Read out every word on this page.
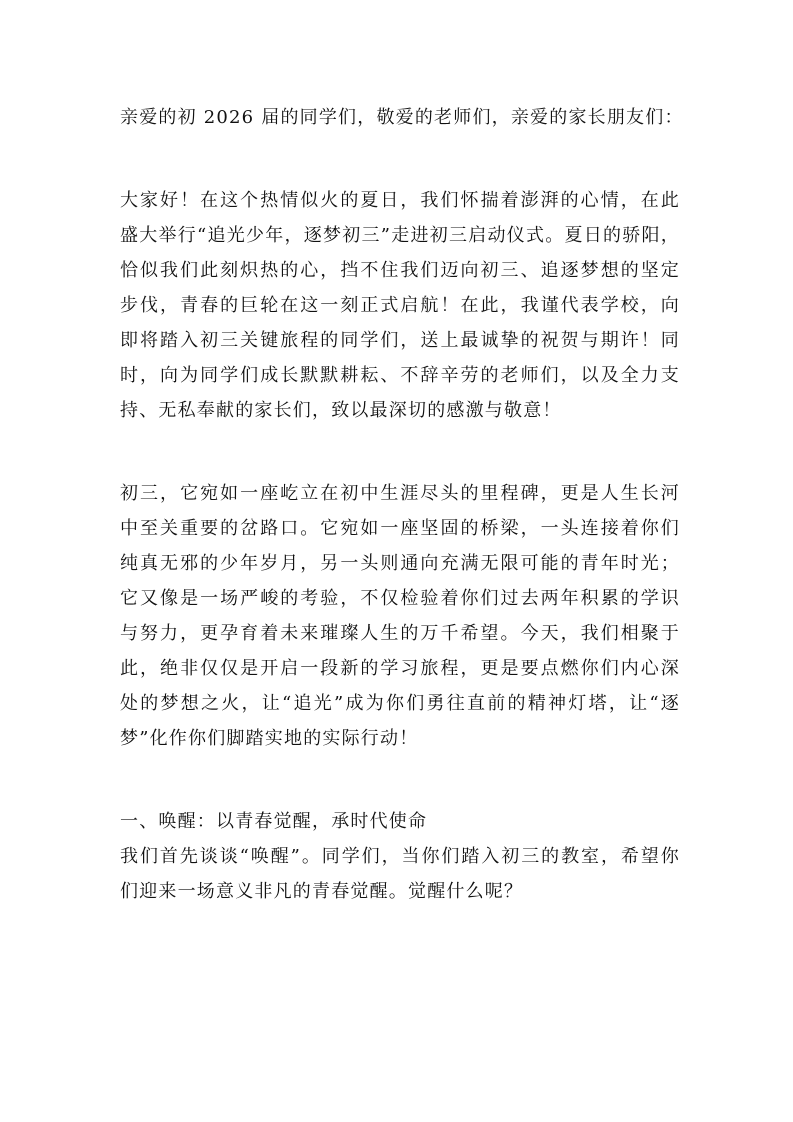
亲爱的初 2026 届的同学们，敬爱的老师们，亲爱的家长朋友们：
大家好！在这个热情似火的夏日，我们怀揣着澎湃的心情，在此
盛大举行“追光少年，逐梦初三”走进初三启动仪式。夏日的骄阳，
恰似我们此刻炽热的心，挡不住我们迈向初三、追逐梦想的坚定
步伐，青春的巨轮在这一刻正式启航！在此，我谨代表学校，向
即将踏入初三关键旅程的同学们，送上最诚挚的祝贺与期许！同
时，向为同学们成长默默耕耘、不辞辛劳的老师们，以及全力支
持、无私奉献的家长们，致以最深切的感激与敬意！
初三，它宛如一座屹立在初中生涯尽头的里程碑，更是人生长河
中至关重要的岔路口。它宛如一座坚固的桥梁，一头连接着你们
纯真无邪的少年岁月，另一头则通向充满无限可能的青年时光；
它又像是一场严峻的考验，不仅检验着你们过去两年积累的学识
与努力，更孕育着未来璀璨人生的万千希望。今天，我们相聚于
此，绝非仅仅是开启一段新的学习旅程，更是要点燃你们内心深
处的梦想之火，让“追光”成为你们勇往直前的精神灯塔，让“逐
梦”化作你们脚踏实地的实际行动！
一、唤醒：以青春觉醒，承时代使命
我们首先谈谈“唤醒”。同学们，当你们踏入初三的教室，希望你
们迎来一场意义非凡的青春觉醒。觉醒什么呢？
